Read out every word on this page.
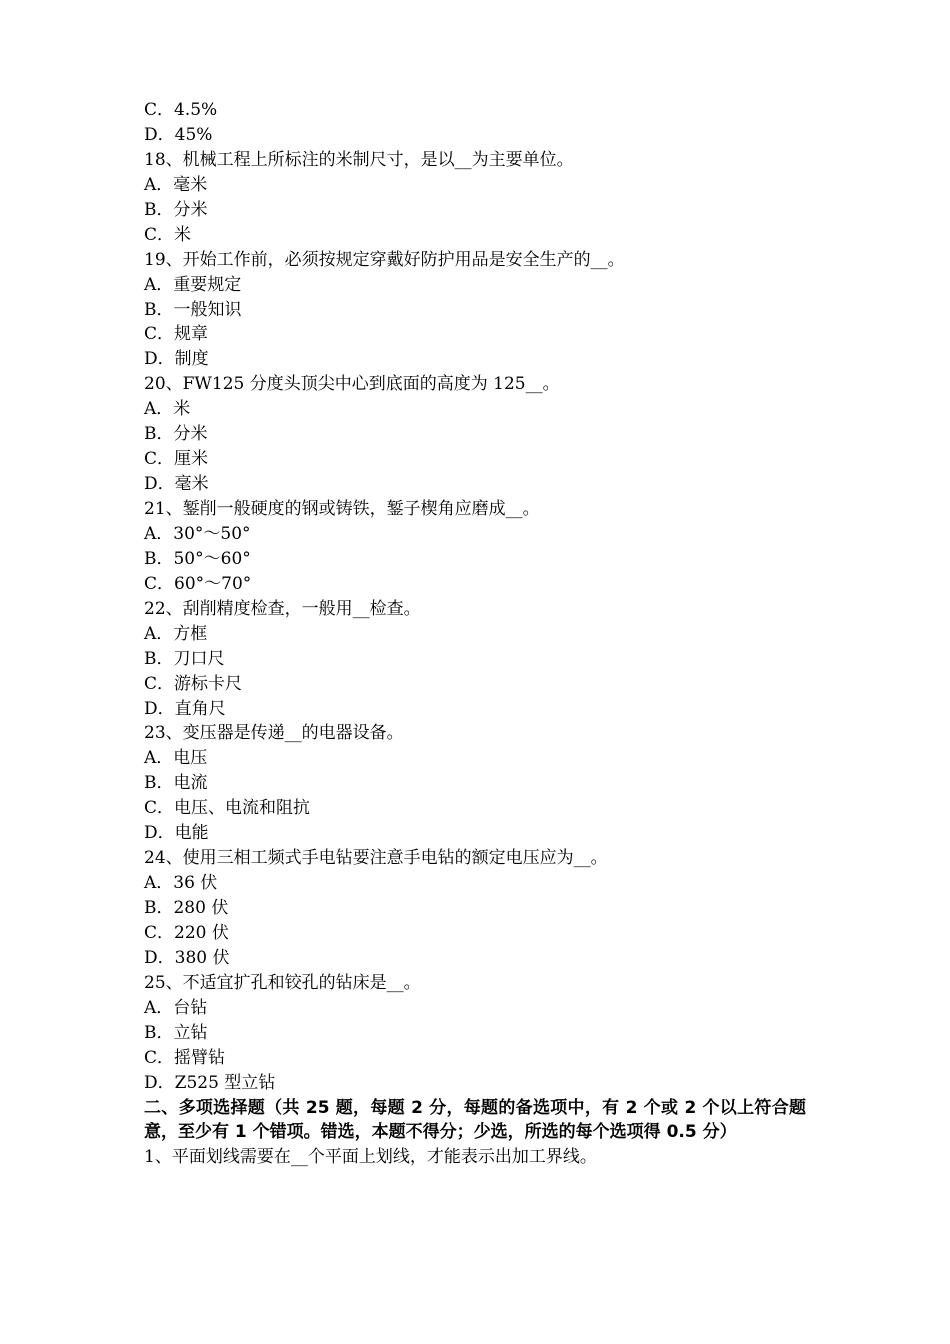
C．4.5%
D．45%
18、机械工程上所标注的米制尺寸，是以__为主要单位。
A．毫米
B．分米
C．米
19、开始工作前，必须按规定穿戴好防护用品是安全生产的__。
A．重要规定
B．一般知识
C．规章
D．制度
20、FW125 分度头顶尖中心到底面的高度为 125__。
A．米
B．分米
C．厘米
D．毫米
21、錾削一般硬度的钢或铸铁，錾子楔角应磨成__。
A．30°～50°
B．50°～60°
C．60°～70°
22、刮削精度检查，一般用__检查。
A．方框
B．刀口尺
C．游标卡尺
D．直角尺
23、变压器是传递__的电器设备。
A．电压
B．电流
C．电压、电流和阻抗
D．电能
24、使用三相工频式手电钻要注意手电钻的额定电压应为__。
A．36 伏
B．280 伏
C．220 伏
D．380 伏
25、不适宜扩孔和铰孔的钻床是__。
A．台钻
B．立钻
C．摇臂钻
D．Z525 型立钻
二、多项选择题（共 25 题，每题 2 分，每题的备选项中，有 2 个或 2 个以上符合题意，至少有 1 个错项。错选，本题不得分；少选，所选的每个选项得 0.5 分）
1、平面划线需要在__个平面上划线，才能表示出加工界线。
